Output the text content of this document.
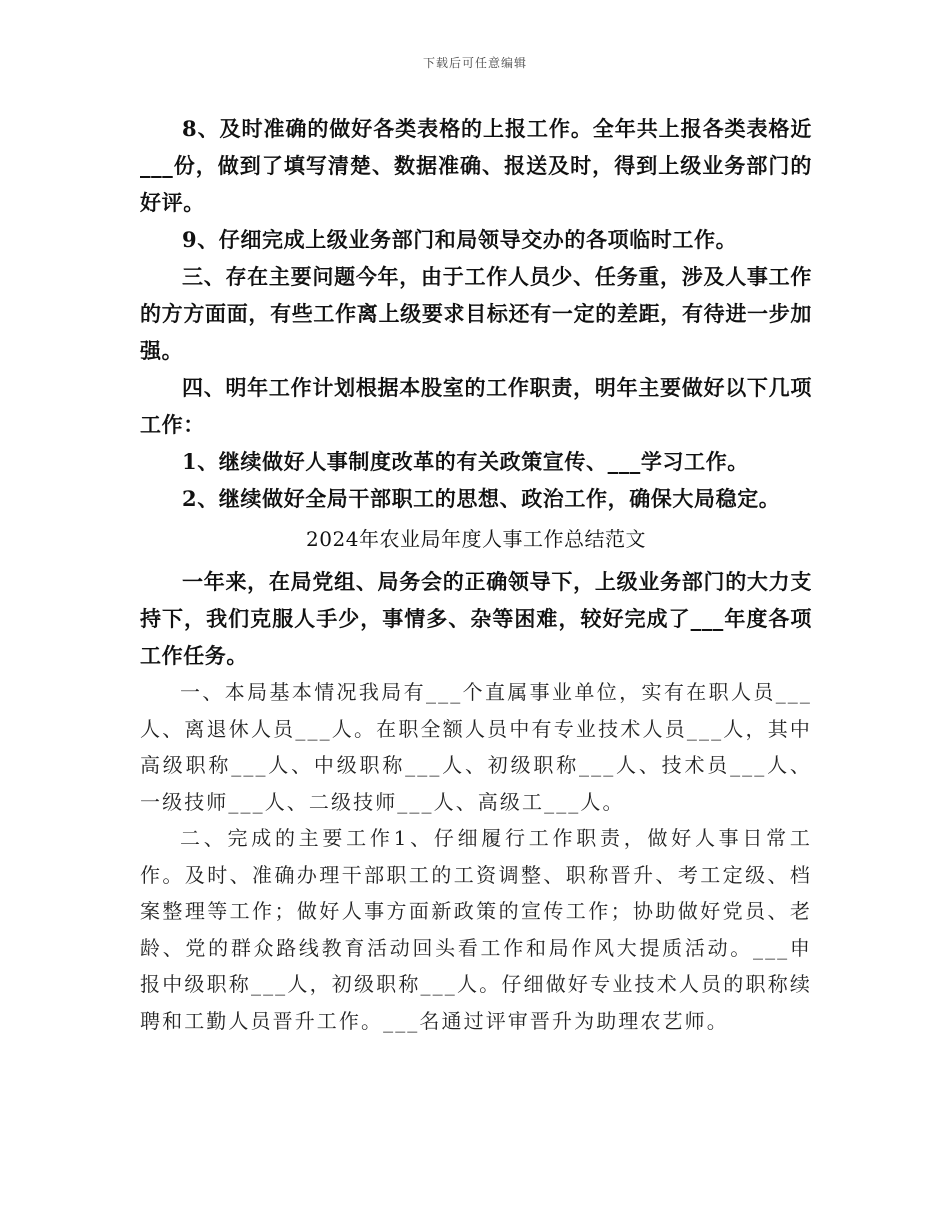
下载后可任意编辑

8、及时准确的做好各类表格的上报工作。全年共上报各类表格近___份，做到了填写清楚、数据准确、报送及时，得到上级业务部门的好评。

9、仔细完成上级业务部门和局领导交办的各项临时工作。

三、存在主要问题今年，由于工作人员少、任务重，涉及人事工作的方方面面，有些工作离上级要求目标还有一定的差距，有待进一步加强。

四、明年工作计划根据本股室的工作职责，明年主要做好以下几项工作：

1、继续做好人事制度改革的有关政策宣传、___学习工作。

2、继续做好全局干部职工的思想、政治工作，确保大局稳定。

2024年农业局年度人事工作总结范文

一年来，在局党组、局务会的正确领导下，上级业务部门的大力支持下，我们克服人手少，事情多、杂等困难，较好完成了___年度各项工作任务。

一、本局基本情况我局有___个直属事业单位，实有在职人员___人、离退休人员___人。在职全额人员中有专业技术人员___人，其中高级职称___人、中级职称___人、初级职称___人、技术员___人、一级技师___人、二级技师___人、高级工___人。

二、完成的主要工作1、仔细履行工作职责，做好人事日常工作。及时、准确办理干部职工的工资调整、职称晋升、考工定级、档案整理等工作；做好人事方面新政策的宣传工作；协助做好党员、老龄、党的群众路线教育活动回头看工作和局作风大提质活动。___申报中级职称___人，初级职称___人。仔细做好专业技术人员的职称续聘和工勤人员晋升工作。___名通过评审晋升为助理农艺师。
